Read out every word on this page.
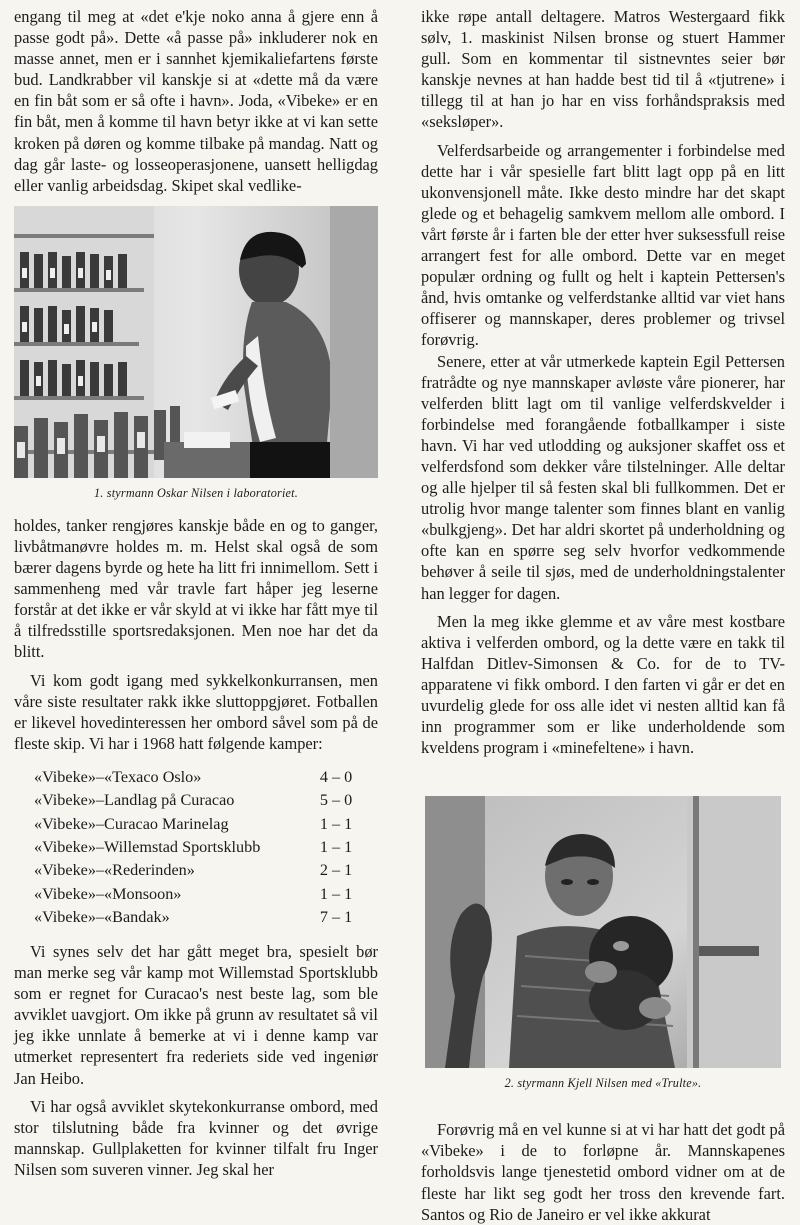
engang til meg at «det e'kje noko anna å gjere enn å passe godt på». Dette «å passe på» inkluderer nok en masse annet, men er i sannhet kjemikaliefartens første bud. Landkrabber vil kanskje si at «dette må da være en fin båt som er så ofte i havn». Joda, «Vibeke» er en fin båt, men å komme til havn betyr ikke at vi kan sette kroken på døren og komme tilbake på mandag. Natt og dag går laste- og losseoperasjonene, uansett helligdag eller vanlig arbeidsdag. Skipet skal vedlike-

1. styrmann Oskar Nilsen i laboratoriet.

holdes, tanker rengjøres kanskje både en og to ganger, livbåtmanøvre holdes m. m. Helst skal også de som bærer dagens byrde og hete ha litt fri innimellom. Sett i sammenheng med vår travle fart håper jeg leserne forstår at det ikke er vår skyld at vi ikke har fått mye til å tilfredsstille sportsredaksjonen. Men noe har det da blitt.

Vi kom godt igang med sykkelkonkurransen, men våre siste resultater rakk ikke sluttoppgjøret. Fotballen er likevel hovedinteressen her ombord såvel som på de fleste skip. Vi har i 1968 hatt følgende kamper:

«Vibeke»–«Texaco Oslo»	4 – 0
«Vibeke»–Landlag på Curacao	5 – 0
«Vibeke»–Curacao Marinelag	1 – 1
«Vibeke»–Willemstad Sportsklubb	1 – 1
«Vibeke»–«Rederinden»	2 – 1
«Vibeke»–«Monsoon»	1 – 1
«Vibeke»–«Bandak»	7 – 1

Vi synes selv det har gått meget bra, spesielt bør man merke seg vår kamp mot Willemstad Sportsklubb som er regnet for Curacao's nest beste lag, som ble avviklet uavgjort. Om ikke på grunn av resultatet så vil jeg ikke unnlate å bemerke at vi i denne kamp var utmerket representert fra rederiets side ved ingeniør Jan Heibo.

Vi har også avviklet skytekonkurranse ombord, med stor tilslutning både fra kvinner og det øvrige mannskap. Gullplaketten for kvinner tilfalt fru Inger Nilsen som suveren vinner. Jeg skal her

ikke røpe antall deltagere. Matros Westergaard fikk sølv, 1. maskinist Nilsen bronse og stuert Hammer gull. Som en kommentar til sistnevntes seier bør kanskje nevnes at han hadde best tid til å «tjutrene» i tillegg til at han jo har en viss forhåndspraksis med «seksløper».

Velferdsarbeide og arrangementer i forbindelse med dette har i vår spesielle fart blitt lagt opp på en litt ukonvensjonell måte. Ikke desto mindre har det skapt glede og et behagelig samkvem mellom alle ombord. I vårt første år i farten ble der etter hver suksessfull reise arrangert fest for alle ombord. Dette var en meget populær ordning og fullt og helt i kaptein Pettersen's ånd, hvis omtanke og velferdstanke alltid var viet hans offiserer og mannskaper, deres problemer og trivsel forøvrig.

Senere, etter at vår utmerkede kaptein Egil Pettersen fratrådte og nye mannskaper avløste våre pionerer, har velferden blitt lagt om til vanlige velferdskvelder i forbindelse med forangående fotballkamper i siste havn. Vi har ved utlodding og auksjoner skaffet oss et velferdsfond som dekker våre tilstelninger. Alle deltar og alle hjelper til så festen skal bli fullkommen. Det er utrolig hvor mange talenter som finnes blant en vanlig «bulkgjeng». Det har aldri skortet på underholdning og ofte kan en spørre seg selv hvorfor vedkommende behøver å seile til sjøs, med de underholdningstalenter han legger for dagen.

Men la meg ikke glemme et av våre mest kostbare aktiva i velferden ombord, og la dette være en takk til Halfdan Ditlev-Simonsen & Co. for de to TV-apparatene vi fikk ombord. I den farten vi går er det en uvurdelig glede for oss alle idet vi nesten alltid kan få inn programmer som er like underholdende som kveldens program i «minefeltene» i havn.

2. styrmann Kjell Nilsen med «Trulte».

Forøvrig må en vel kunne si at vi har hatt det godt på «Vibeke» i de to forløpne år. Mannskapenes forholdsvis lange tjenestetid ombord vidner om at de fleste har likt seg godt her tross den krevende fart. Santos og Rio de Janeiro er vel ikke akkurat
